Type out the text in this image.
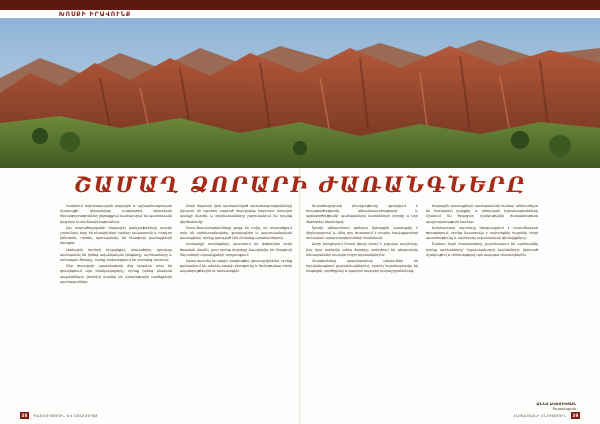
ԽՈՍՔԻ ԻՐԱՎՈՒՆՔ
ՇԱՄԱՂ ՁՈՐԱՐԻ ԺԱՌԱՆԳՆԵՐԸ

Կանխում նախնադարյան ազգային և աշխարհագրական մշակույթի վերաբերյալ բազմաթիվ գիտական հետազոտություններ ընթացքում կատարվում են պատմական վայրերի ուսումնասիրություններ։

Այս տարածաշրջանի ժայռային լանդշաֆտները դարեր շարունակ եղել են բնակիչների համար ապաստան և հոգևոր կենտրոն, որտեղ պահպանվել են հնագույն կառույցների հետքեր։

Լեռնային ձորերի երկայնքով տարածվող գյուղերը պահպանել են իրենց ավանդական կենցաղը, արհեստները և տոնական ծեսերը, որոնք փոխանցվում են սերնդից սերունդ։

Մեր ժողովրդի պատմության մեջ կարևոր տեղ են զբաղեցնում այն բնակավայրերը, որոնք իրենց բնական պայմանների շնորհիվ դարձել են մշակութային արժեքների պահապաններ։

Ձորի ժայռերի վրա պահպանված արձանագրությունները վկայում են այստեղ ապրած մարդկանց հարուստ մտավոր կյանքի մասին, և գիտնականները շարունակում են դրանց վերծանումը։

Ուսումնասիրությունները ցույց են տվել, որ տարածքում եղել են արհեստանոցներ, ջրաղացներ և պաշտպանական կառույցներ, որոնք կապված էին միմյանց արահետներով։

Համայնքի տարեցները պատմում են լեգենդներ ձորի ծագման մասին, ըստ որոնց ժայռերը ձևավորվել են հնագույն հերոսների սխրանքների արդյունքում։

Այսօր այստեղ են գալիս բազմաթիվ զբոսաշրջիկներ, որոնք ցանկանում են տեսնել եզակի բնությունը և ծանոթանալ տեղի ավանդույթներին ու խոհանոցին։

Տարածաշրջանի բնակչությունը զբաղվում է հողագործությամբ, անասնապահությամբ և այգեգործությամբ՝ պահպանելով նախնիների փորձը և նոր մեթոդներ ներդնելով։

Գյուղի կենտրոնում գտնվող եկեղեցին կառուցվել է միջնադարում և մինչ օրս ծառայում է որպես հավաքատեղի տոնական արարողությունների ժամանակ։

Ձորի խորքերում հոսող գետը սնում է շրջակա դաշտերը, իսկ նրա ափերին աճող ծառերը ստեղծում են գեղատեսիլ տեսարաններ տարվա բոլոր եղանակներին։

Հնագետները պարբերաբար պեղումներ են իրականացնում քարանձավներում, որտեղ հայտնաբերվել են խեցեղեն, գործիքներ և զարդեր տարբեր դարաշրջաններից։

Ժայռային կառույցների պահպանման համար անհրաժեշտ են համատեղ ջանքեր, և տեղական իշխանությունները մշակում են ծրագրեր մշակութային ժառանգության պաշտպանության համար։

Երիտասարդ սերունդը ներգրավվում է ուսումնական ծրագրերում, որոնց նպատակն է սովորեցնել հայրենի հողի պատմությունը և արժևորել ավանդական գիտելիքները։

Շամաղ ձորի ժառանգները շարունակում են պահպանել իրենց արմատները՝ հպարտանալով նախնիների կերտած մշակույթով և փոխանցելով այն ապագա սերունդներին։

ԱՆՆԱ ԱՎԵՏԻՍՅԱՆ
Պատմաբան
38 ՊԱՏՄՈՒԹՅՈՒՆ ԵՎ ՄՇԱԿՈՒՅԹ	ՀԱՅԱՍՏԱՆԻ ԲՆՈՒԹՅՈՒՆ 39
